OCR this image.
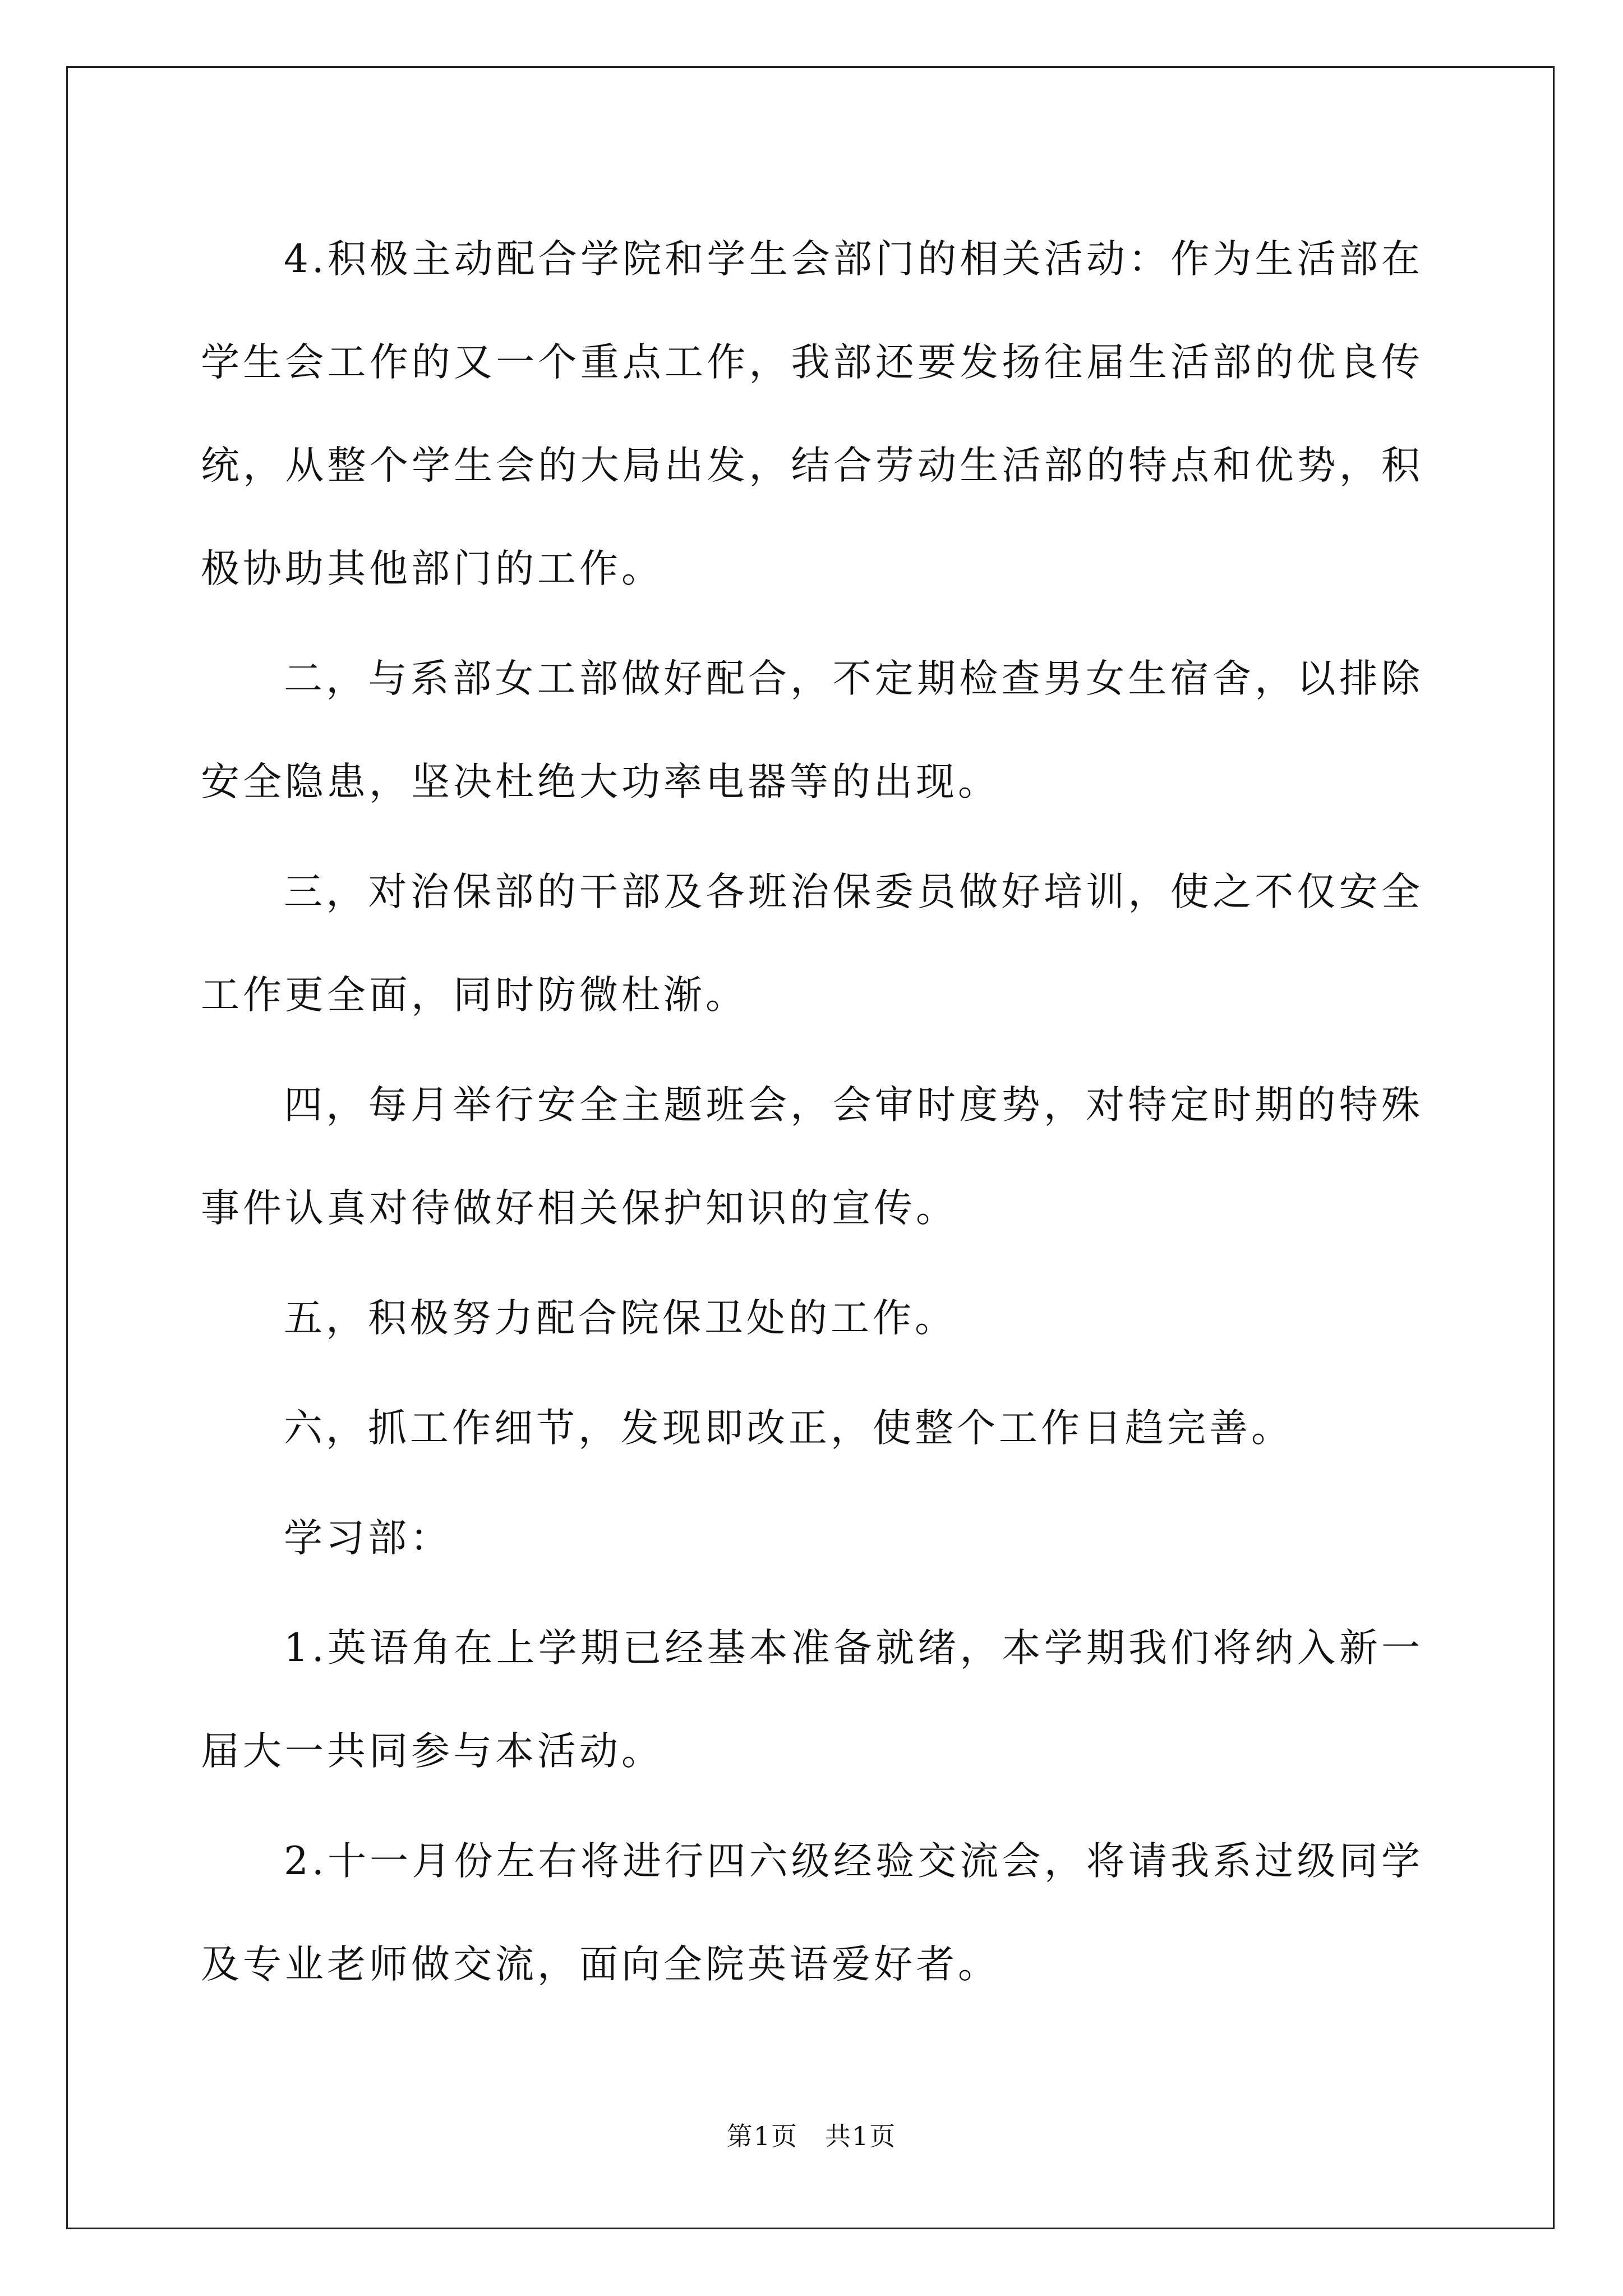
4.积极主动配合学院和学生会部门的相关活动：作为生活部在学生会工作的又一个重点工作，我部还要发扬往届生活部的优良传统，从整个学生会的大局出发，结合劳动生活部的特点和优势，积极协助其他部门的工作。

二，与系部女工部做好配合，不定期检查男女生宿舍，以排除安全隐患，坚决杜绝大功率电器等的出现。

三，对治保部的干部及各班治保委员做好培训，使之不仅安全工作更全面，同时防微杜渐。

四，每月举行安全主题班会，会审时度势，对特定时期的特殊事件认真对待做好相关保护知识的宣传。

五，积极努力配合院保卫处的工作。

六，抓工作细节，发现即改正，使整个工作日趋完善。

学习部：

1.英语角在上学期已经基本准备就绪，本学期我们将纳入新一届大一共同参与本活动。

2.十一月份左右将进行四六级经验交流会，将请我系过级同学及专业老师做交流，面向全院英语爱好者。

第1页　共1页
